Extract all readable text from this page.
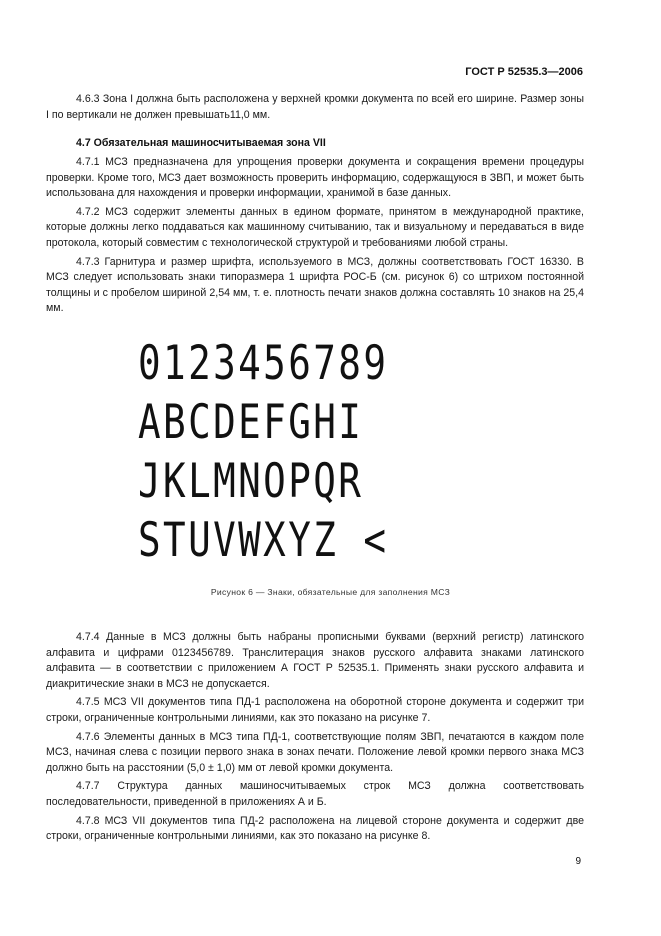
ГОСТ Р 52535.3—2006

4.6.3 Зона I должна быть расположена у верхней кромки документа по всей его ширине. Размер зоны I по вертикали не должен превышать11,0 мм.

4.7 Обязательная машиносчитываемая зона VII

4.7.1 МСЗ предназначена для упрощения проверки документа и сокращения времени процедуры проверки. Кроме того, МСЗ дает возможность проверить информацию, содержащуюся в ЗВП, и может быть использована для нахождения и проверки информации, хранимой в базе данных.

4.7.2 МСЗ содержит элементы данных в едином формате, принятом в международной практике, которые должны легко поддаваться как машинному считыванию, так и визуальному и передаваться в виде протокола, который совместим с технологической структурой и требованиями любой страны.

4.7.3 Гарнитура и размер шрифта, используемого в МСЗ, должны соответствовать ГОСТ 16330. В МСЗ следует использовать знаки типоразмера 1 шрифта РОС-Б (см. рисунок 6) со штрихом постоянной толщины и с пробелом шириной 2,54 мм, т. е. плотность печати знаков должна составлять 10 знаков на 25,4 мм.

0123456789
ABCDEFGHI
JKLMNOPQR
STUVWXYZ <
Рисунок 6 — Знаки, обязательные для заполнения МСЗ

4.7.4 Данные в МСЗ должны быть набраны прописными буквами (верхний регистр) латинского алфавита и цифрами 0123456789. Транслитерация знаков русского алфавита знаками латинского алфавита — в соответствии с приложением А ГОСТ Р 52535.1. Применять знаки русского алфавита и диакритические знаки в МСЗ не допускается.

4.7.5 МСЗ VII документов типа ПД-1 расположена на оборотной стороне документа и содержит три строки, ограниченные контрольными линиями, как это показано на рисунке 7.

4.7.6 Элементы данных в МСЗ типа ПД-1, соответствующие полям ЗВП, печатаются в каждом поле МСЗ, начиная слева с позиции первого знака в зонах печати. Положение левой кромки первого знака МСЗ должно быть на расстоянии (5,0 ± 1,0) мм от левой кромки документа.

4.7.7 Структура данных машиносчитываемых строк МСЗ должна соответствовать последовательности, приведенной в приложениях А и Б.

4.7.8 МСЗ VII документов типа ПД-2 расположена на лицевой стороне документа и содержит две строки, ограниченные контрольными линиями, как это показано на рисунке 8.

9
